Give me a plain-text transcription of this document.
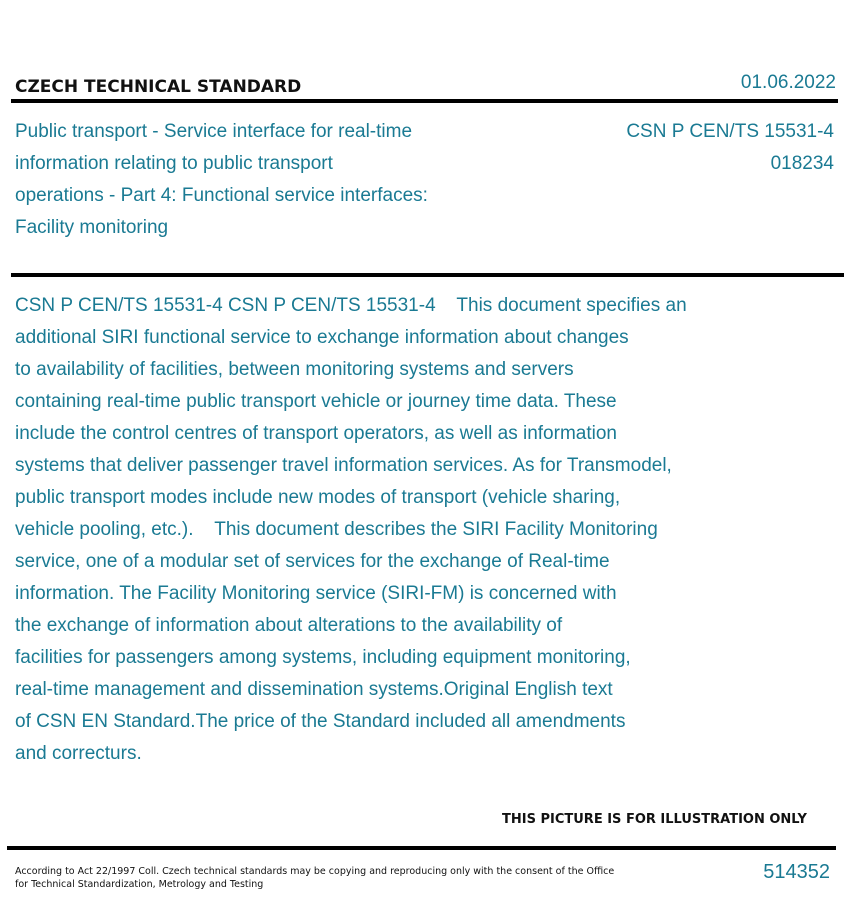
CZECH TECHNICAL STANDARD	01.06.2022
Public transport - Service interface for real-time
information relating to public transport
operations - Part 4: Functional service interfaces:
Facility monitoring
CSN P CEN/TS 15531-4
018234
CSN P CEN/TS 15531-4 CSN P CEN/TS 15531-4    This document specifies an
additional SIRI functional service to exchange information about changes
to availability of facilities, between monitoring systems and servers
containing real-time public transport vehicle or journey time data. These
include the control centres of transport operators, as well as information
systems that deliver passenger travel information services. As for Transmodel,
public transport modes include new modes of transport (vehicle sharing,
vehicle pooling, etc.).    This document describes the SIRI Facility Monitoring
service, one of a modular set of services for the exchange of Real-time
information. The Facility Monitoring service (SIRI-FM) is concerned with
the exchange of information about alterations to the availability of
facilities for passengers among systems, including equipment monitoring,
real-time management and dissemination systems.Original English text
of CSN EN Standard.The price of the Standard included all amendments
and correcturs.
THIS PICTURE IS FOR ILLUSTRATION ONLY
According to Act 22/1997 Coll. Czech technical standards may be copying and reproducing only with the consent of the Office
for Technical Standardization, Metrology and Testing
514352
